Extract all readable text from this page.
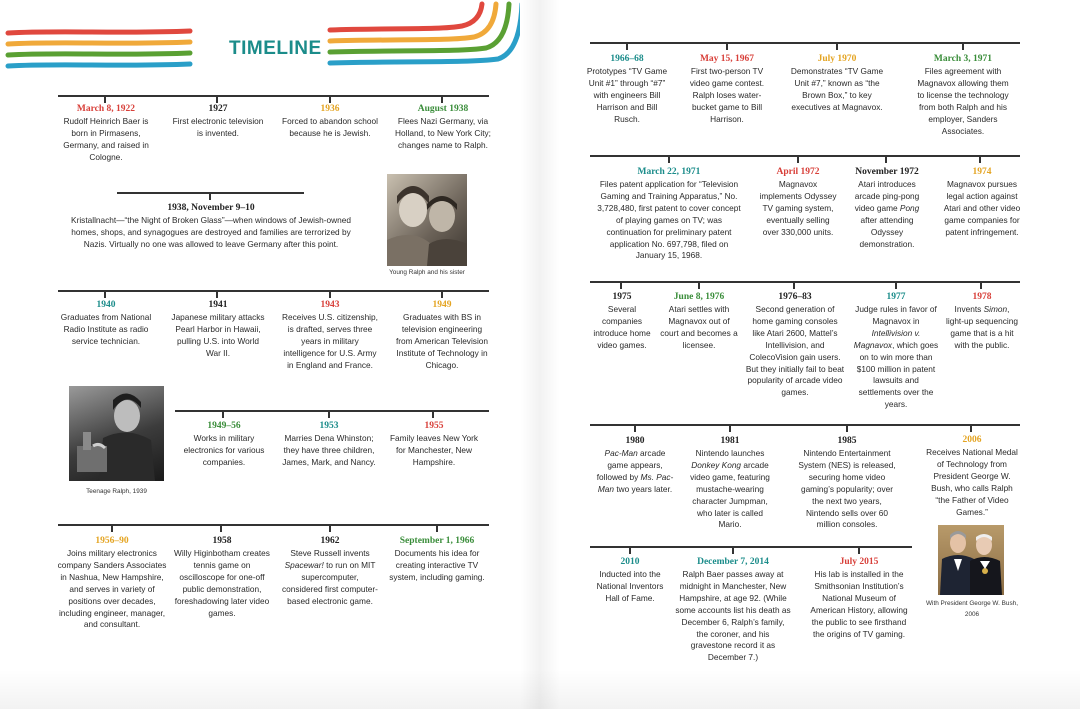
TIMELINE
March 8, 1922
Rudolf Heinrich Baer is born in Pirmasens, Germany, and raised in Cologne.
1927
First electronic television is invented.
1936
Forced to abandon school because he is Jewish.
August 1938
Flees Nazi Germany, via Holland, to New York City; changes name to Ralph.
1938, November 9–10
Kristallnacht—“the Night of Broken Glass”—when windows of Jewish-owned homes, shops, and synagogues are destroyed and families are terrorized by Nazis. Virtually no one was allowed to leave Germany after this point.
Young Ralph and his sister
1940
Graduates from National Radio Institute as radio service technician.
1941
Japanese military attacks Pearl Harbor in Hawaii, pulling U.S. into World War II.
1943
Receives U.S. citizenship, is drafted, serves three years in military intelligence for U.S. Army in England and France.
1949
Graduates with BS in television engineering from American Television Institute of Technology in Chicago.
Teenage Ralph, 1939
1949–56
Works in military electronics for various companies.
1953
Marries Dena Whinston; they have three children, James, Mark, and Nancy.
1955
Family leaves New York for Manchester, New Hampshire.
1956–90
Joins military electronics company Sanders Associates in Nashua, New Hampshire, and serves in variety of positions over decades, including engineer, manager, and consultant.
1958
Willy Higinbotham creates tennis game on oscilloscope for one-off public demonstration, foreshadowing later video games.
1962
Steve Russell invents Spacewar! to run on MIT supercomputer, considered first computer-based electronic game.
September 1, 1966
Documents his idea for creating interactive TV system, including gaming.
1966–68
Prototypes “TV Game Unit #1” through “#7” with engineers Bill Harrison and Bill Rusch.
May 15, 1967
First two-person TV video game contest. Ralph loses water-bucket game to Bill Harrison.
July 1970
Demonstrates “TV Game Unit #7,” known as “the Brown Box,” to key executives at Magnavox.
March 3, 1971
Files agreement with Magnavox allowing them to license the technology from both Ralph and his employer, Sanders Associates.
March 22, 1971
Files patent application for “Television Gaming and Training Apparatus,” No. 3,728,480, first patent to cover concept of playing games on TV; was continuation for preliminary patent application No. 697,798, filed on January 15, 1968.
April 1972
Magnavox implements Odyssey TV gaming system, eventually selling over 330,000 units.
November 1972
Atari introduces arcade ping-pong video game Pong after attending Odyssey demonstration.
1974
Magnavox pursues legal action against Atari and other video game companies for patent infringement.
1975
Several companies introduce home video games.
June 8, 1976
Atari settles with Magnavox out of court and becomes a licensee.
1976–83
Second generation of home gaming consoles like Atari 2600, Mattel’s Intellivision, and ColecoVision gain users. But they initially fail to beat popularity of arcade video games.
1977
Judge rules in favor of Magnavox in Intellivision v. Magnavox, which goes on to win more than $100 million in patent lawsuits and settlements over the years.
1978
Invents Simon, light-up sequencing game that is a hit with the public.
1980
Pac-Man arcade game appears, followed by Ms. Pac-Man two years later.
1981
Nintendo launches Donkey Kong arcade video game, featuring mustache-wearing character Jumpman, who later is called Mario.
1985
Nintendo Entertainment System (NES) is released, securing home video gaming’s popularity; over the next two years, Nintendo sells over 60 million consoles.
2006
Receives National Medal of Technology from President George W. Bush, who calls Ralph “the Father of Video Games.”
With President George W. Bush, 2006
2010
Inducted into the National Inventors Hall of Fame.
December 7, 2014
Ralph Baer passes away at midnight in Manchester, New Hampshire, at age 92. (While some accounts list his death as December 6, Ralph’s family, the coroner, and his gravestone record it as December 7.)
July 2015
His lab is installed in the Smithsonian Institution’s National Museum of American History, allowing the public to see firsthand the origins of TV gaming.
